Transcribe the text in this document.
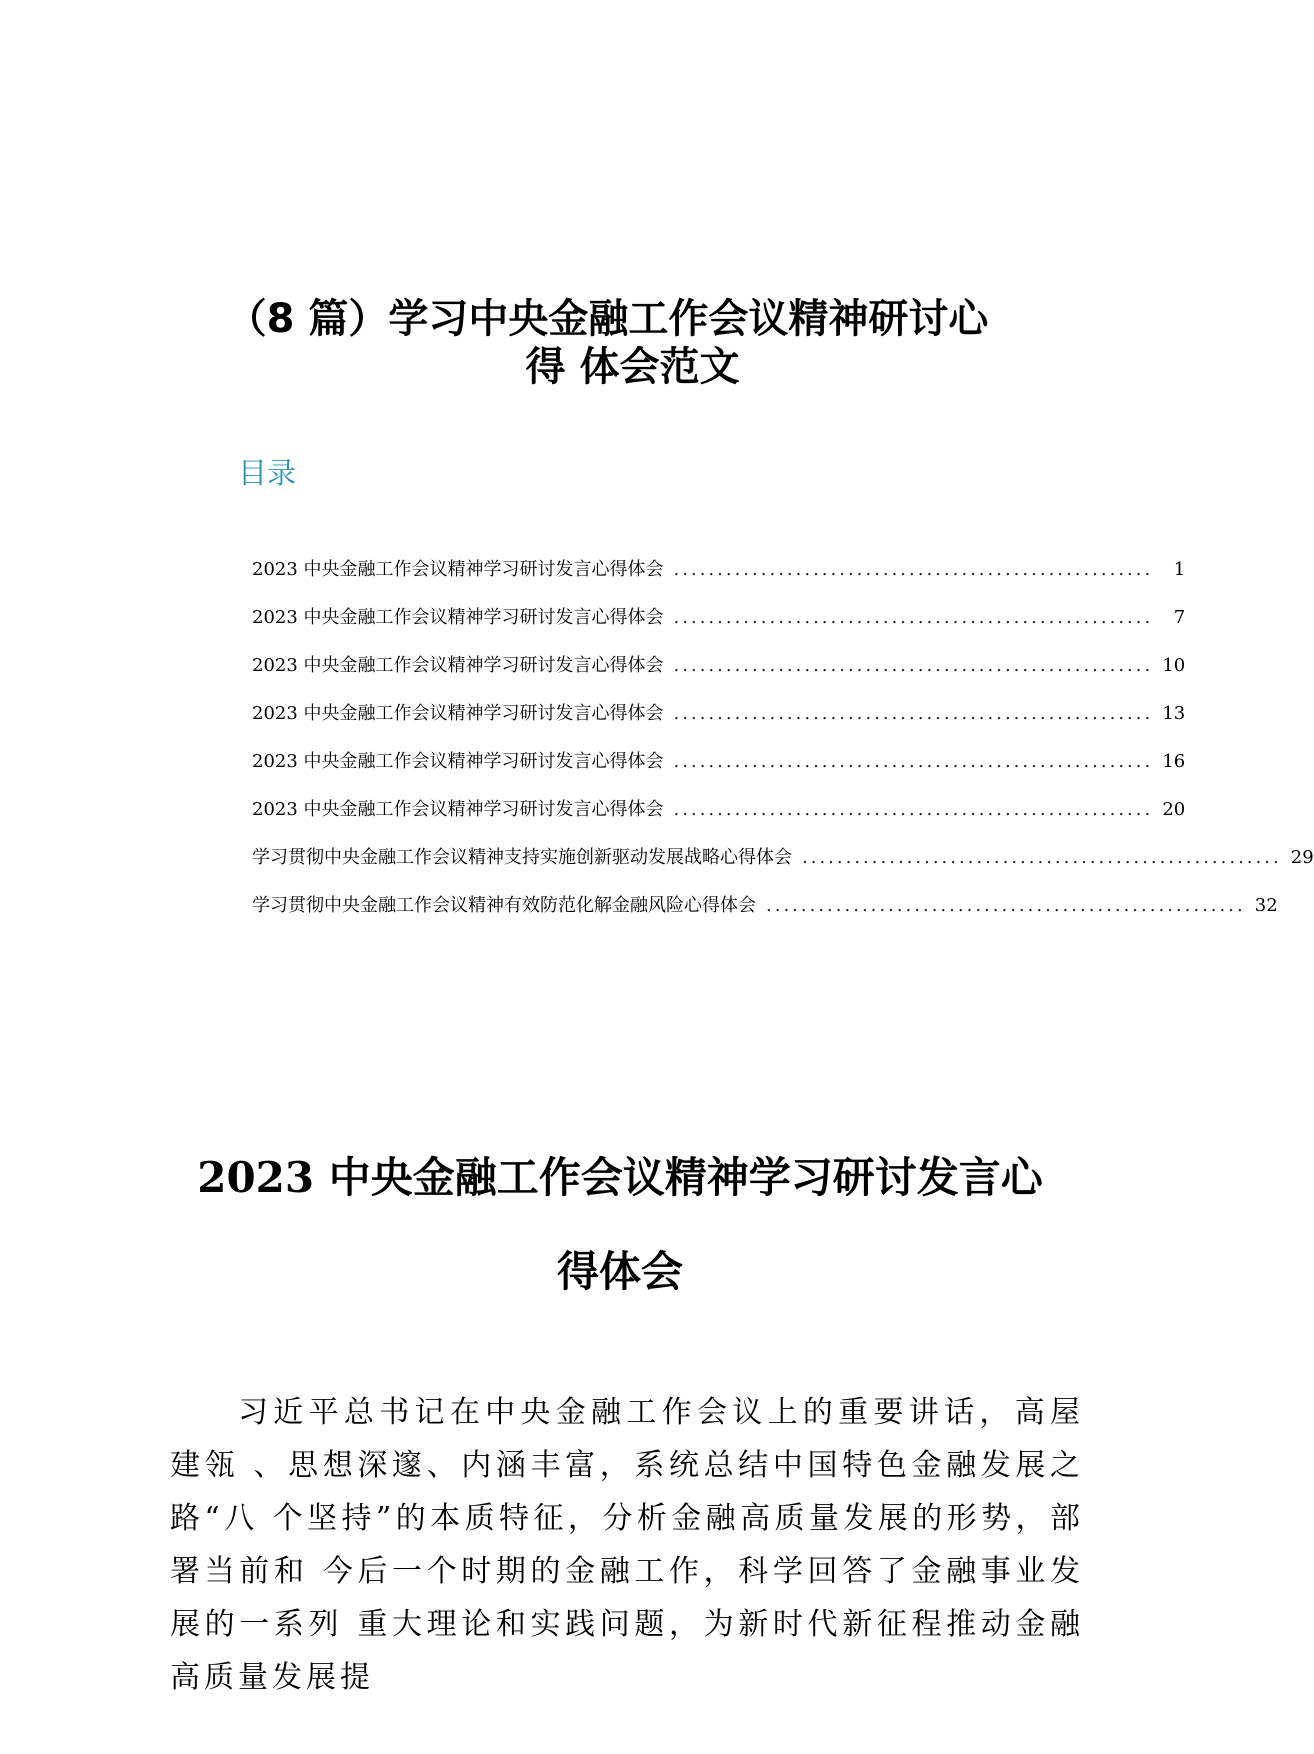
（8 篇）学习中央金融工作会议精神研讨心
得 体会范文
目录
2023 中央金融工作会议精神学习研讨发言心得体会 .......................................................	1
2023 中央金融工作会议精神学习研讨发言心得体会 .......................................................	7
2023 中央金融工作会议精神学习研讨发言心得体会 ....................................................... 10
2023 中央金融工作会议精神学习研讨发言心得体会 ....................................................... 13
2023 中央金融工作会议精神学习研讨发言心得体会 ....................................................... 16
2023 中央金融工作会议精神学习研讨发言心得体会 ....................................................... 20
学习贯彻中央金融工作会议精神支持实施创新驱动发展战略心得体会 ....................................................... 29
学习贯彻中央金融工作会议精神有效防范化解金融风险心得体会 ....................................................... 32
2023 中央金融工作会议精神学习研讨发言心
得体会

习近平总书记在中央金融工作会议上的重要讲话，高屋建瓴 、思想深邃、内涵丰富，系统总结中国特色金融发展之路“八 个坚持”的本质特征，分析金融高质量发展的形势，部署当前和 今后一个时期的金融工作，科学回答了金融事业发展的一系列 重大理论和实践问题，为新时代新征程推动金融高质量发展提
